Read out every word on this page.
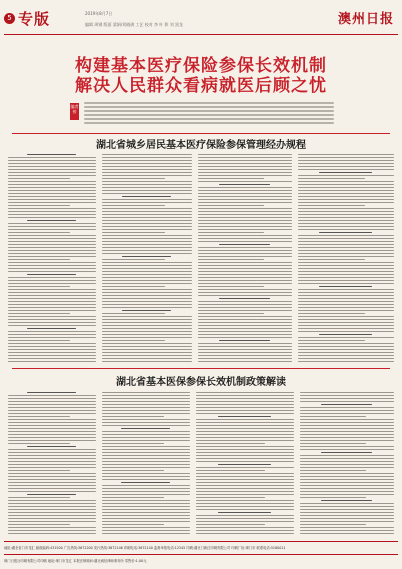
5 专版	2019年8月7日
编辑 周钢 版面 梁娟/刘晓满 工艺 校对 李 叶 影 刘 黑龙	澳州日报
构建基本医疗保险参保长效机制
解决人民群众看病就医后顾之忧
编者按
湖北省城乡居民基本医疗保险参保管理经办规程
湖北省基本医保参保长效机制政策解读
地址:湖北省门市龙汇 邮政编码:431500 广告热线:3672200 发行热线:3672146 印刷电话:3672140 监督举报电话:12345 印刷:湖北门新红印刷有限公司 印刷厂址:荆门市 联系电话:5180011
荆门日报社印刷有限公司印刷 地址:荆门市龙汇 本报法律顾问:湖北诚信律师事务所 零售价:1.00元
